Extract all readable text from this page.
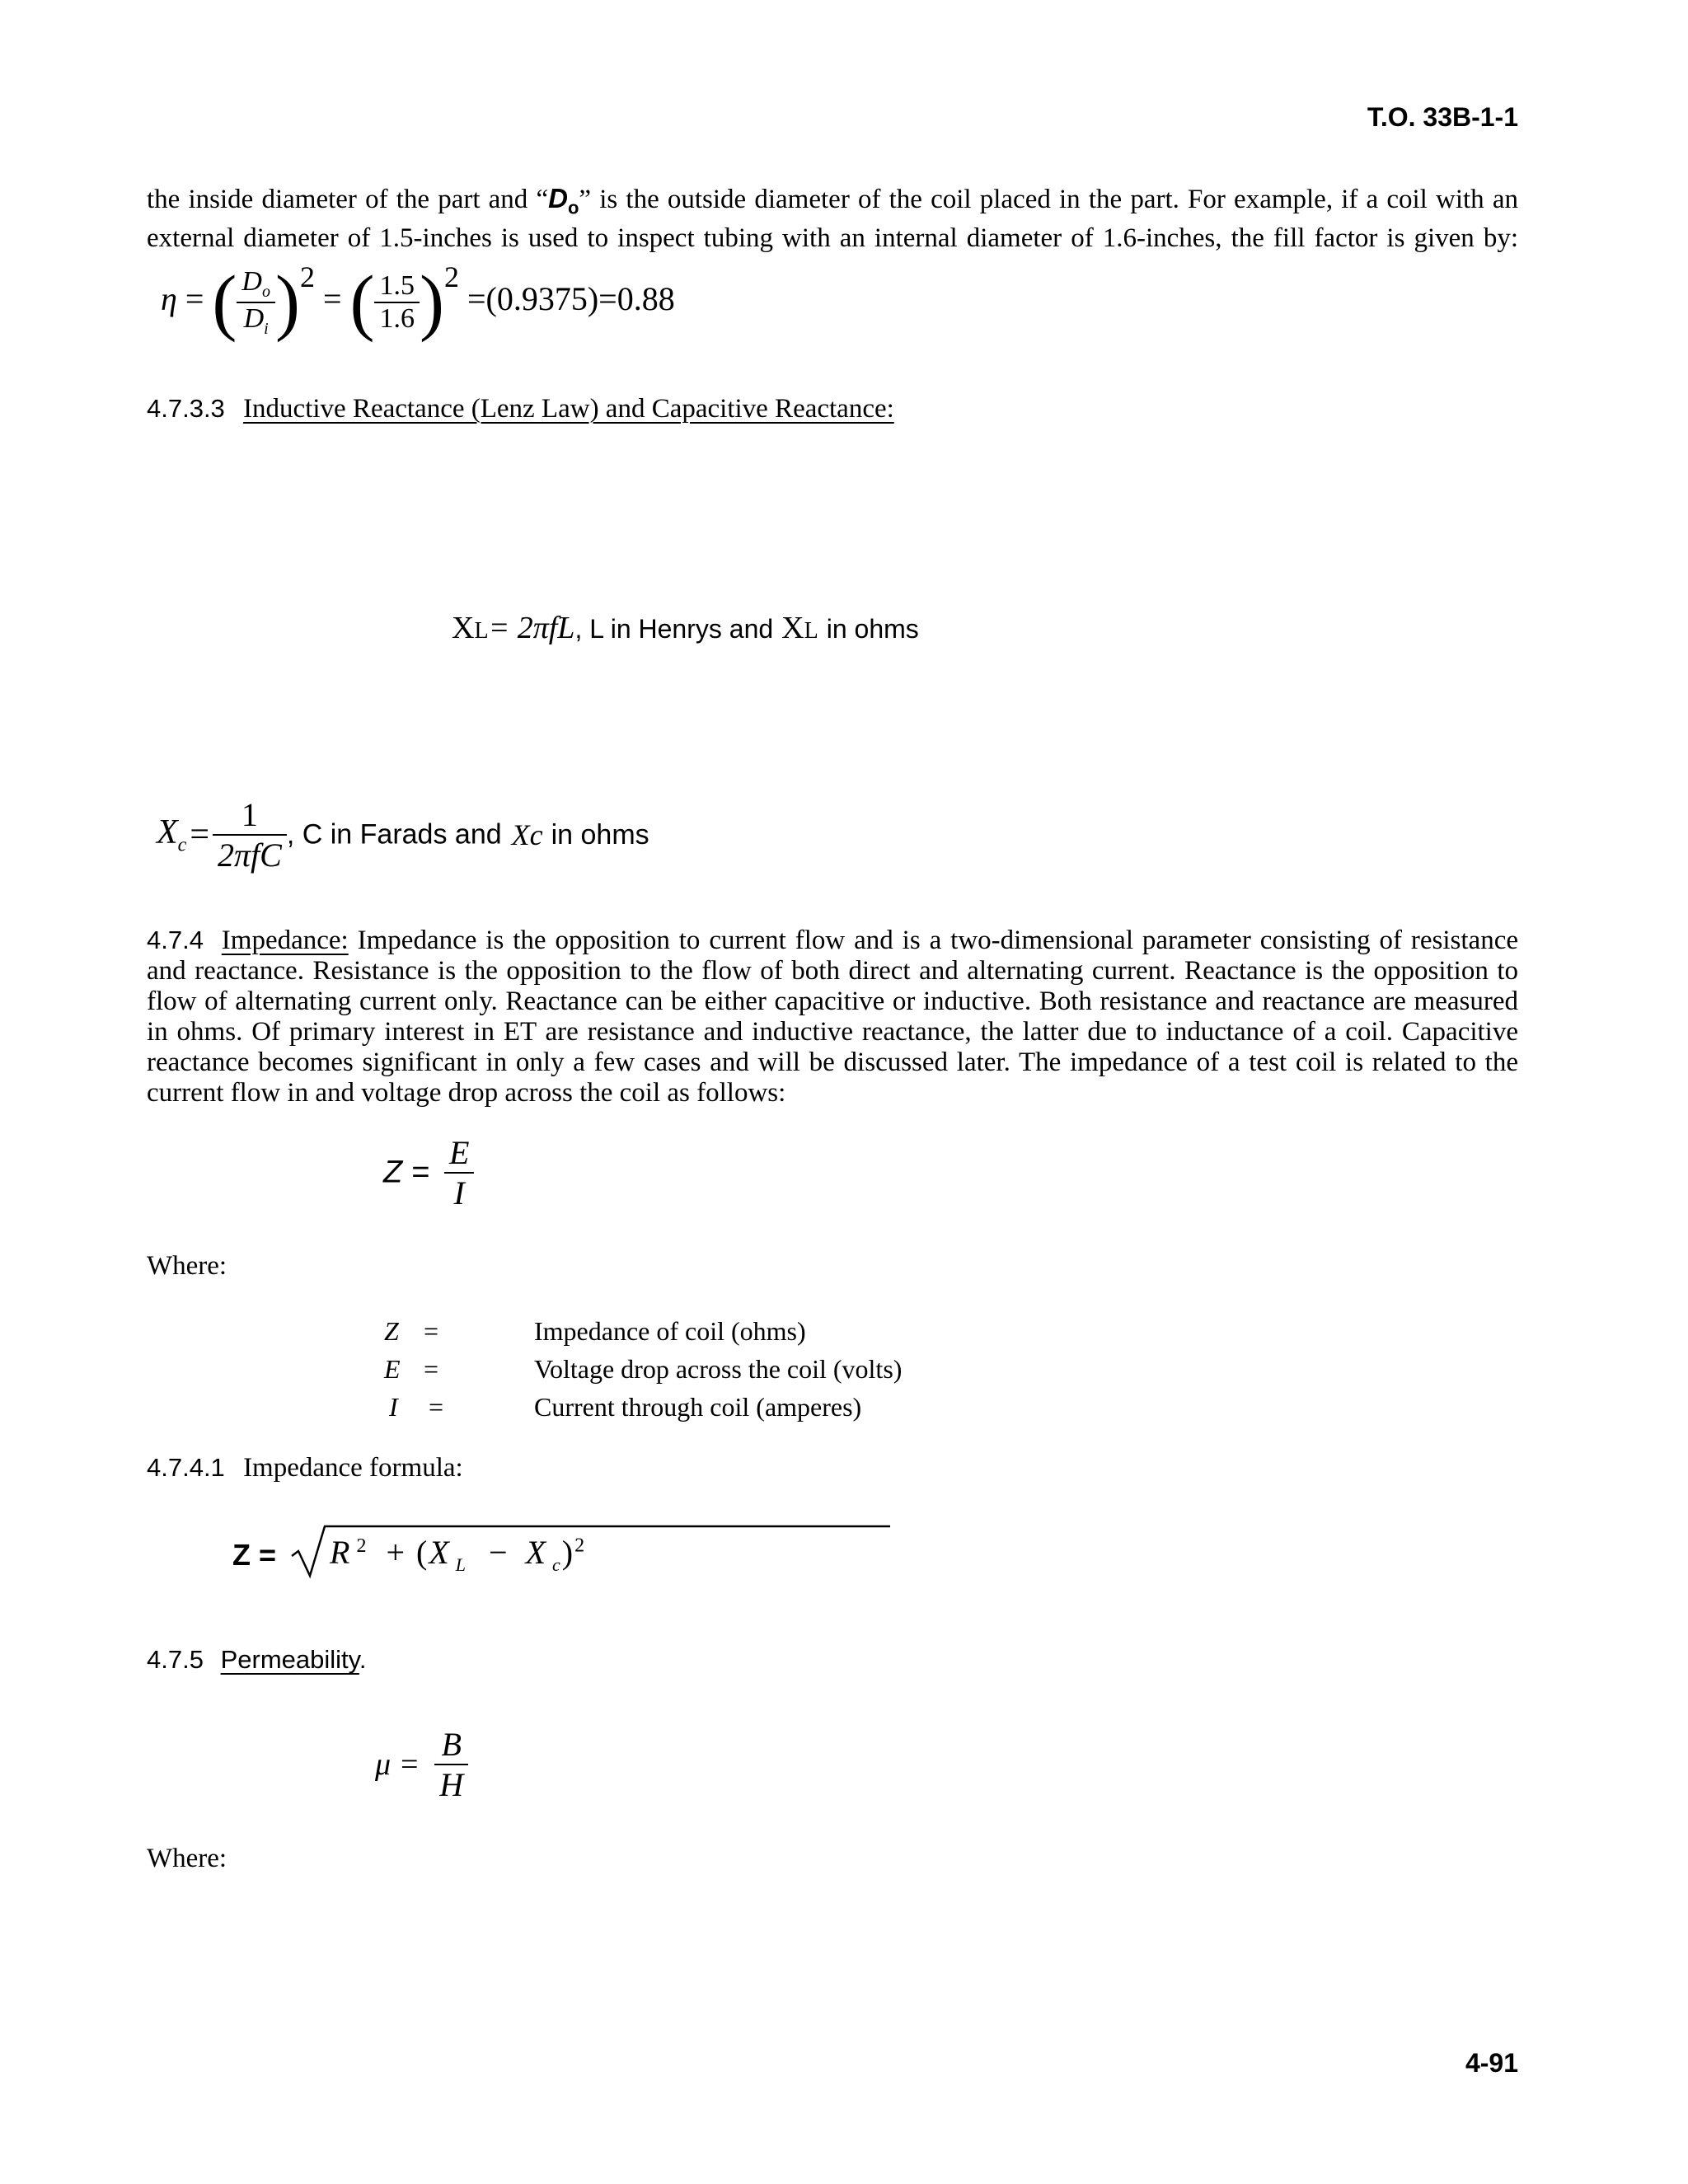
T.O. 33B-1-1
the inside diameter of the part and “$D_o$” is the outside diameter of the coil placed in the part. For example, if a coil with an
external diameter of 1.5-inches is used to inspect tubing with an internal diameter of 1.6-inches, the fill factor is given by:
η = ( $\frac{D_o}{D_i} )^2$ = ( $\frac{1.5}{1.6} )^2 =(0.9375)=0.88$
4.7.3.3 Inductive Reactance (Lenz Law) and Capacitive Reactance:
XL= 2πfL, L in Henrys and XL in ohms
$X_c = \frac{1}{\text{2πfC}}$ , C in Farads and Xc in ohms
4.7.4 Impedance: Impedance is the opposition to current flow and is a two-dimensional parameter consisting of resistance
and reactance. Resistance is the opposition to the flow of both direct and alternating current. Reactance is the opposition to
flow of alternating current only. Reactance can be either capacitive or inductive. Both resistance and reactance are measured
in ohms. Of primary interest in ET are resistance and inductive reactance, the latter due to inductance of a coil. Capacitive
reactance becomes significant in only a few cases and will be discussed later. The impedance of a test coil is related to the
current flow in and voltage drop across the coil as follows:
$Z = \frac{E}{I}$
Where:
Z =	Impedance of coil (ohms)
E =	Voltage drop across the coil (volts)
I	=	Current through coil (amperes)
4.7.4.1 Impedance formula:
Z = R $^2$ + (X $_L$ − X $_c$)$^2$
4.7.5 Permeability.
$\mu = \frac{B}{H}$
Where:
4-91
